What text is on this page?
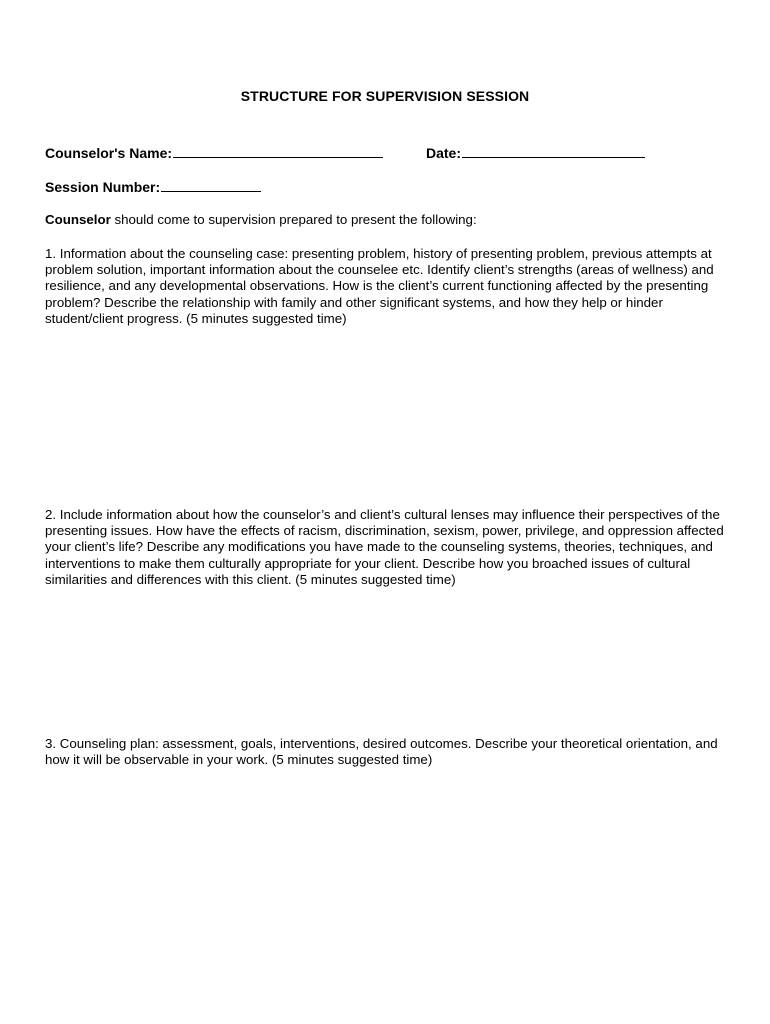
STRUCTURE FOR SUPERVISION SESSION
Counselor's Name:	Date:
Session Number:
Counselor should come to supervision prepared to present the following:
1. Information about the counseling case: presenting problem, history of presenting problem, previous attempts at problem solution, important information about the counselee etc. Identify client’s strengths (areas of wellness) and resilience, and any developmental observations. How is the client’s current functioning affected by the presenting problem? Describe the relationship with family and other significant systems, and how they help or hinder student/client progress. (5 minutes suggested time)
2. Include information about how the counselor’s and client’s cultural lenses may influence their perspectives of the presenting issues. How have the effects of racism, discrimination, sexism, power, privilege, and oppression affected your client’s life? Describe any modifications you have made to the counseling systems, theories, techniques, and interventions to make them culturally appropriate for your client. Describe how you broached issues of cultural similarities and differences with this client. (5 minutes suggested time)
3. Counseling plan: assessment, goals, interventions, desired outcomes. Describe your theoretical orientation, and how it will be observable in your work. (5 minutes suggested time)
